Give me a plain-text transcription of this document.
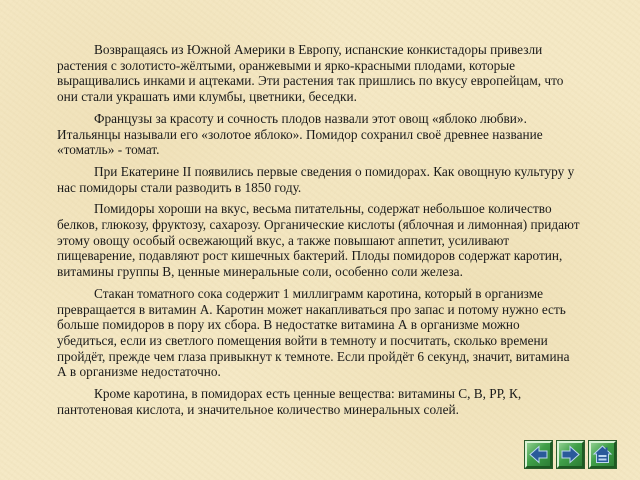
Возвращаясь из Южной Америки в Европу, испанские конкистадоры привезли растения с золотисто-жёлтыми, оранжевыми и ярко-красными плодами, которые выращивались инками и ацтеками. Эти растения так пришлись по вкусу европейцам, что они стали украшать ими клумбы, цветники, беседки.

Французы за красоту и сочность плодов назвали этот овощ «яблоко любви». Итальянцы называли его «золотое яблоко». Помидор сохранил своё древнее название «томатль» - томат.

При Екатерине II появились первые сведения о помидорах. Как овощную культуру у нас помидоры стали разводить в 1850 году.

Помидоры хороши на вкус, весьма питательны, содержат небольшое количество белков, глюкозу, фруктозу, сахарозу. Органические кислоты (яблочная и лимонная) придают этому овощу особый освежающий вкус, а также повышают аппетит, усиливают пищеварение, подавляют рост кишечных бактерий. Плоды помидоров содержат каротин, витамины группы В, ценные минеральные соли, особенно соли железа.

Стакан томатного сока содержит 1 миллиграмм каротина, который в организме превращается в витамин А. Каротин может накапливаться про запас и потому нужно есть больше помидоров в пору их сбора. В недостатке витамина А в организме можно убедиться, если из светлого помещения войти в темноту и посчитать, сколько времени пройдёт, прежде чем глаза привыкнут к темноте. Если пройдёт 6 секунд, значит, витамина А в организме недостаточно.

Кроме каротина, в помидорах есть ценные вещества: витамины С, В, РР, К, пантотеновая кислота, и значительное количество минеральных солей.
